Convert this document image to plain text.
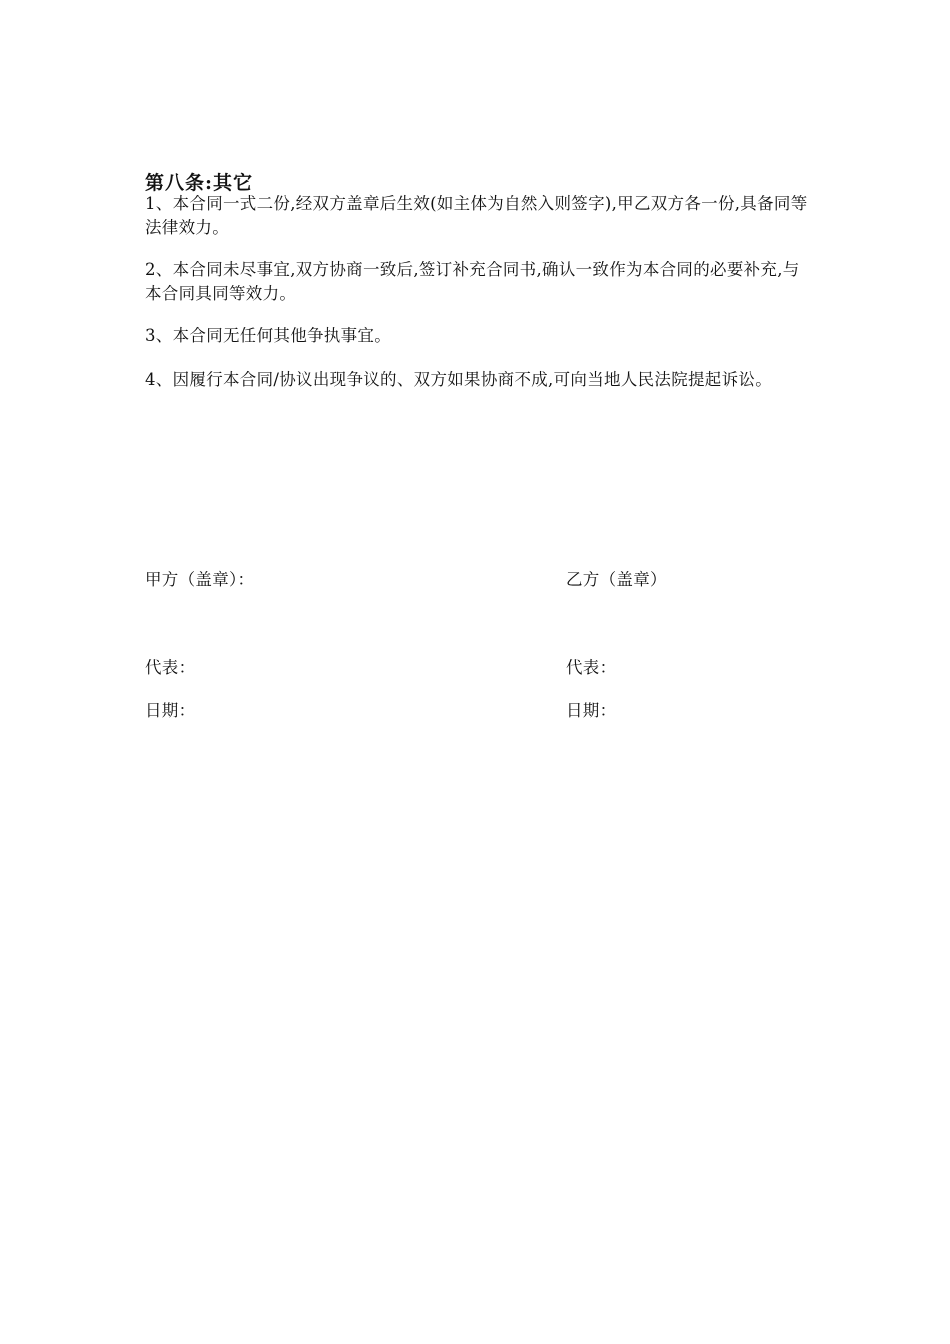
第八条:其它
1、本合同一式二份,经双方盖章后生效(如主体为自然入则签字),甲乙双方各一份,具备同等法律效力。
2、本合同未尽事宜,双方协商一致后,签订补充合同书,确认一致作为本合同的必要补充,与本合同具同等效力。
3、本合同无任何其他争执事宜。
4、因履行本合同/协议出现争议的、双方如果协商不成,可向当地人民法院提起诉讼。
甲方（盖章）：	乙方（盖章）
代表：	代表：
日期：	日期：
